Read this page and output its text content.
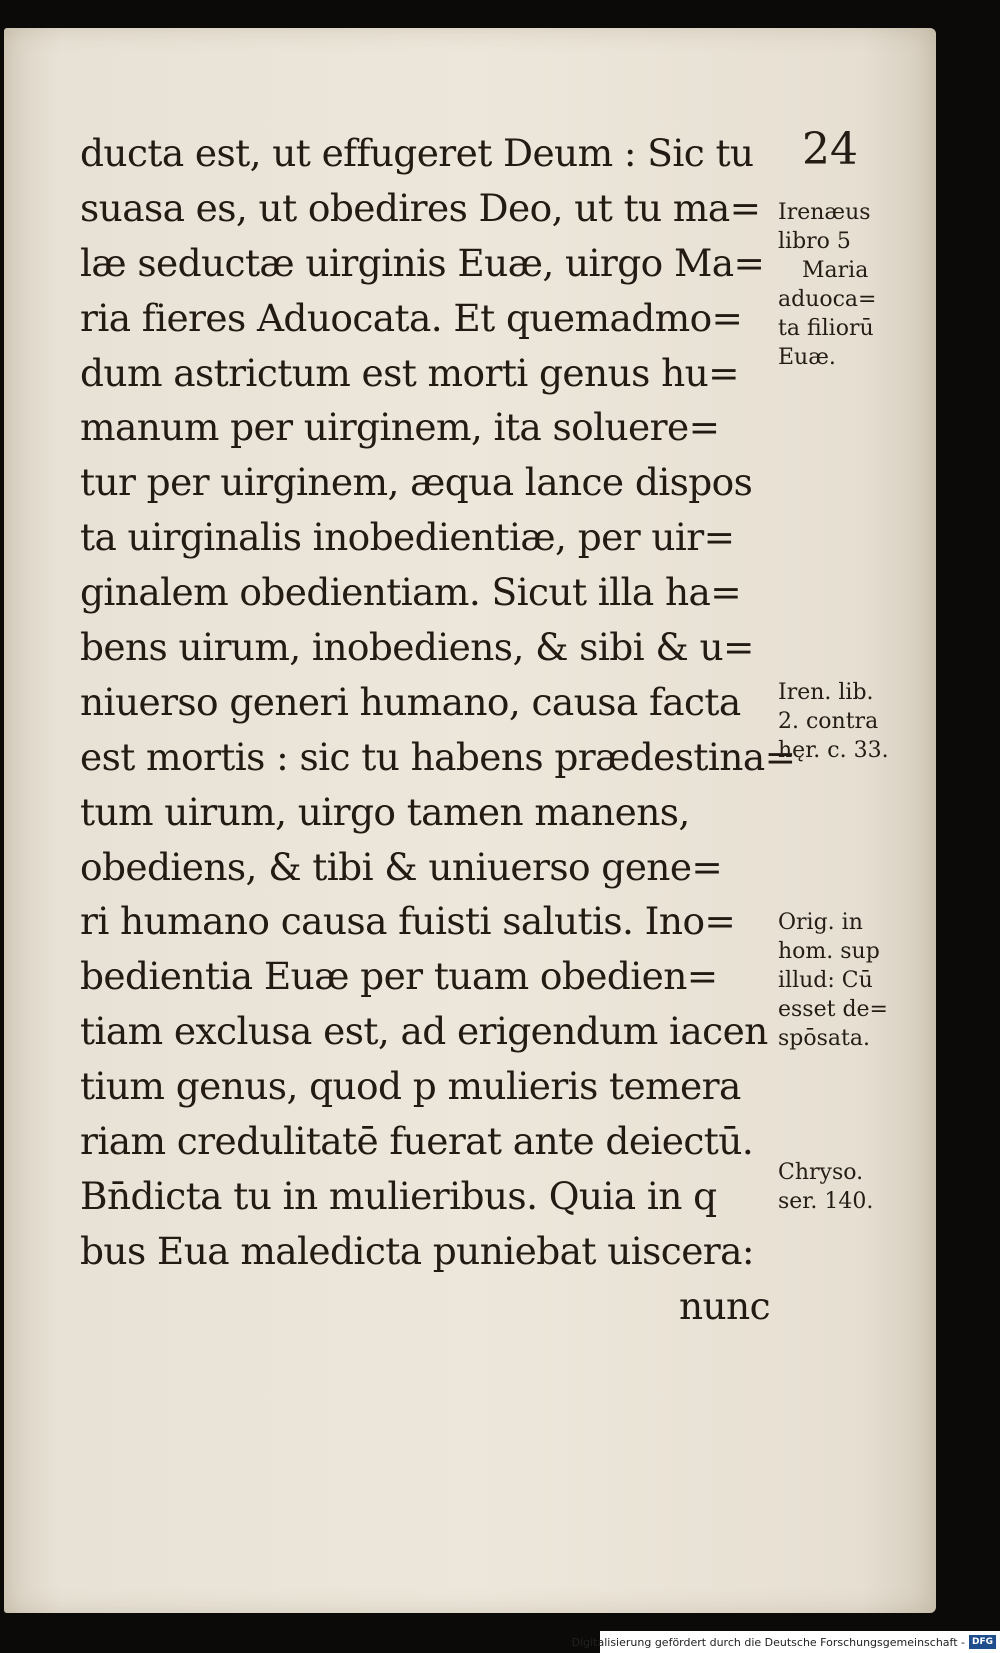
24

ducta est, ut effugeret Deum : Sic tu
suasa es, ut obedires Deo, ut tu ma=
læ seductæ uirginis Euæ, uirgo Ma=
ria fieres Aduocata. Et quemadmo=
dum astrictum est morti genus hu=
manum per uirginem, ita soluere=
tur per uirginem, æqua lance dispos
ta uirginalis inobedientiæ, per uir=
ginalem obedientiam. Sicut illa ha=
bens uirum, inobediens, & sibi & u=
niuerso generi humano, causa facta
est mortis : sic tu habens prædestina=
tum uirum, uirgo tamen manens,
obediens, & tibi & uniuerso gene=
ri humano causa fuisti salutis. Ino=
bedientia Euæ per tuam obedien=
tiam exclusa est, ad erigendum iacen
tium genus, quod p mulieris temera
riam credulitatē fuerat ante deiectū.
Bn̄dicta tu in mulieribus. Quia in q
bus Eua maledicta puniebat uiscera:
nunc
Irenæus
libro 5
Maria
aduoca=
ta filiorū
Euæ.
Iren. lib.
2. contra
hęr. c. 33.
Orig. in
hom. sup
illud: Cū
esset de=
spōsata.
Chryso.
ser. 140.
Digitalisierung gefördert durch die Deutsche Forschungsgemeinschaft - DFG
